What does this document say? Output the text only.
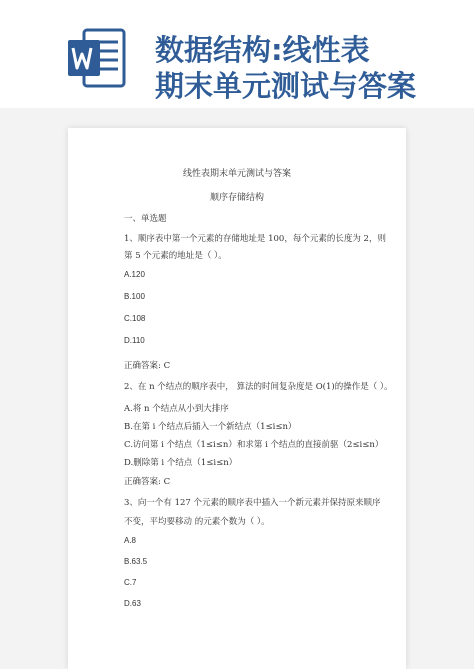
数据结构:线性表
期末单元测试与答案
线性表期末单元测试与答案
顺序存储结构
一、单选题
1、顺序表中第一个元素的存储地址是 100，每个元素的长度为 2，则
第 5 个元素的地址是（ ）。
A.120
B.100
C.108
D.110
正确答案: C
2、在 n 个结点的顺序表中， 算法的时间复杂度是 O(1)的操作是（ ）。
A.将 n 个结点从小到大排序
B.在第 i 个结点后插入一个新结点（1≤i≤n）
C.访问第 i 个结点（1≤i≤n）和求第 i 个结点的直接前驱（2≤i≤n）
D.删除第 i 个结点（1≤i≤n）
正确答案: C
3、向一个有 127 个元素的顺序表中插入一个新元素并保持原来顺序
不变，平均要移动 的元素个数为（ ）。
A.8
B.63.5
C.7
D.63
